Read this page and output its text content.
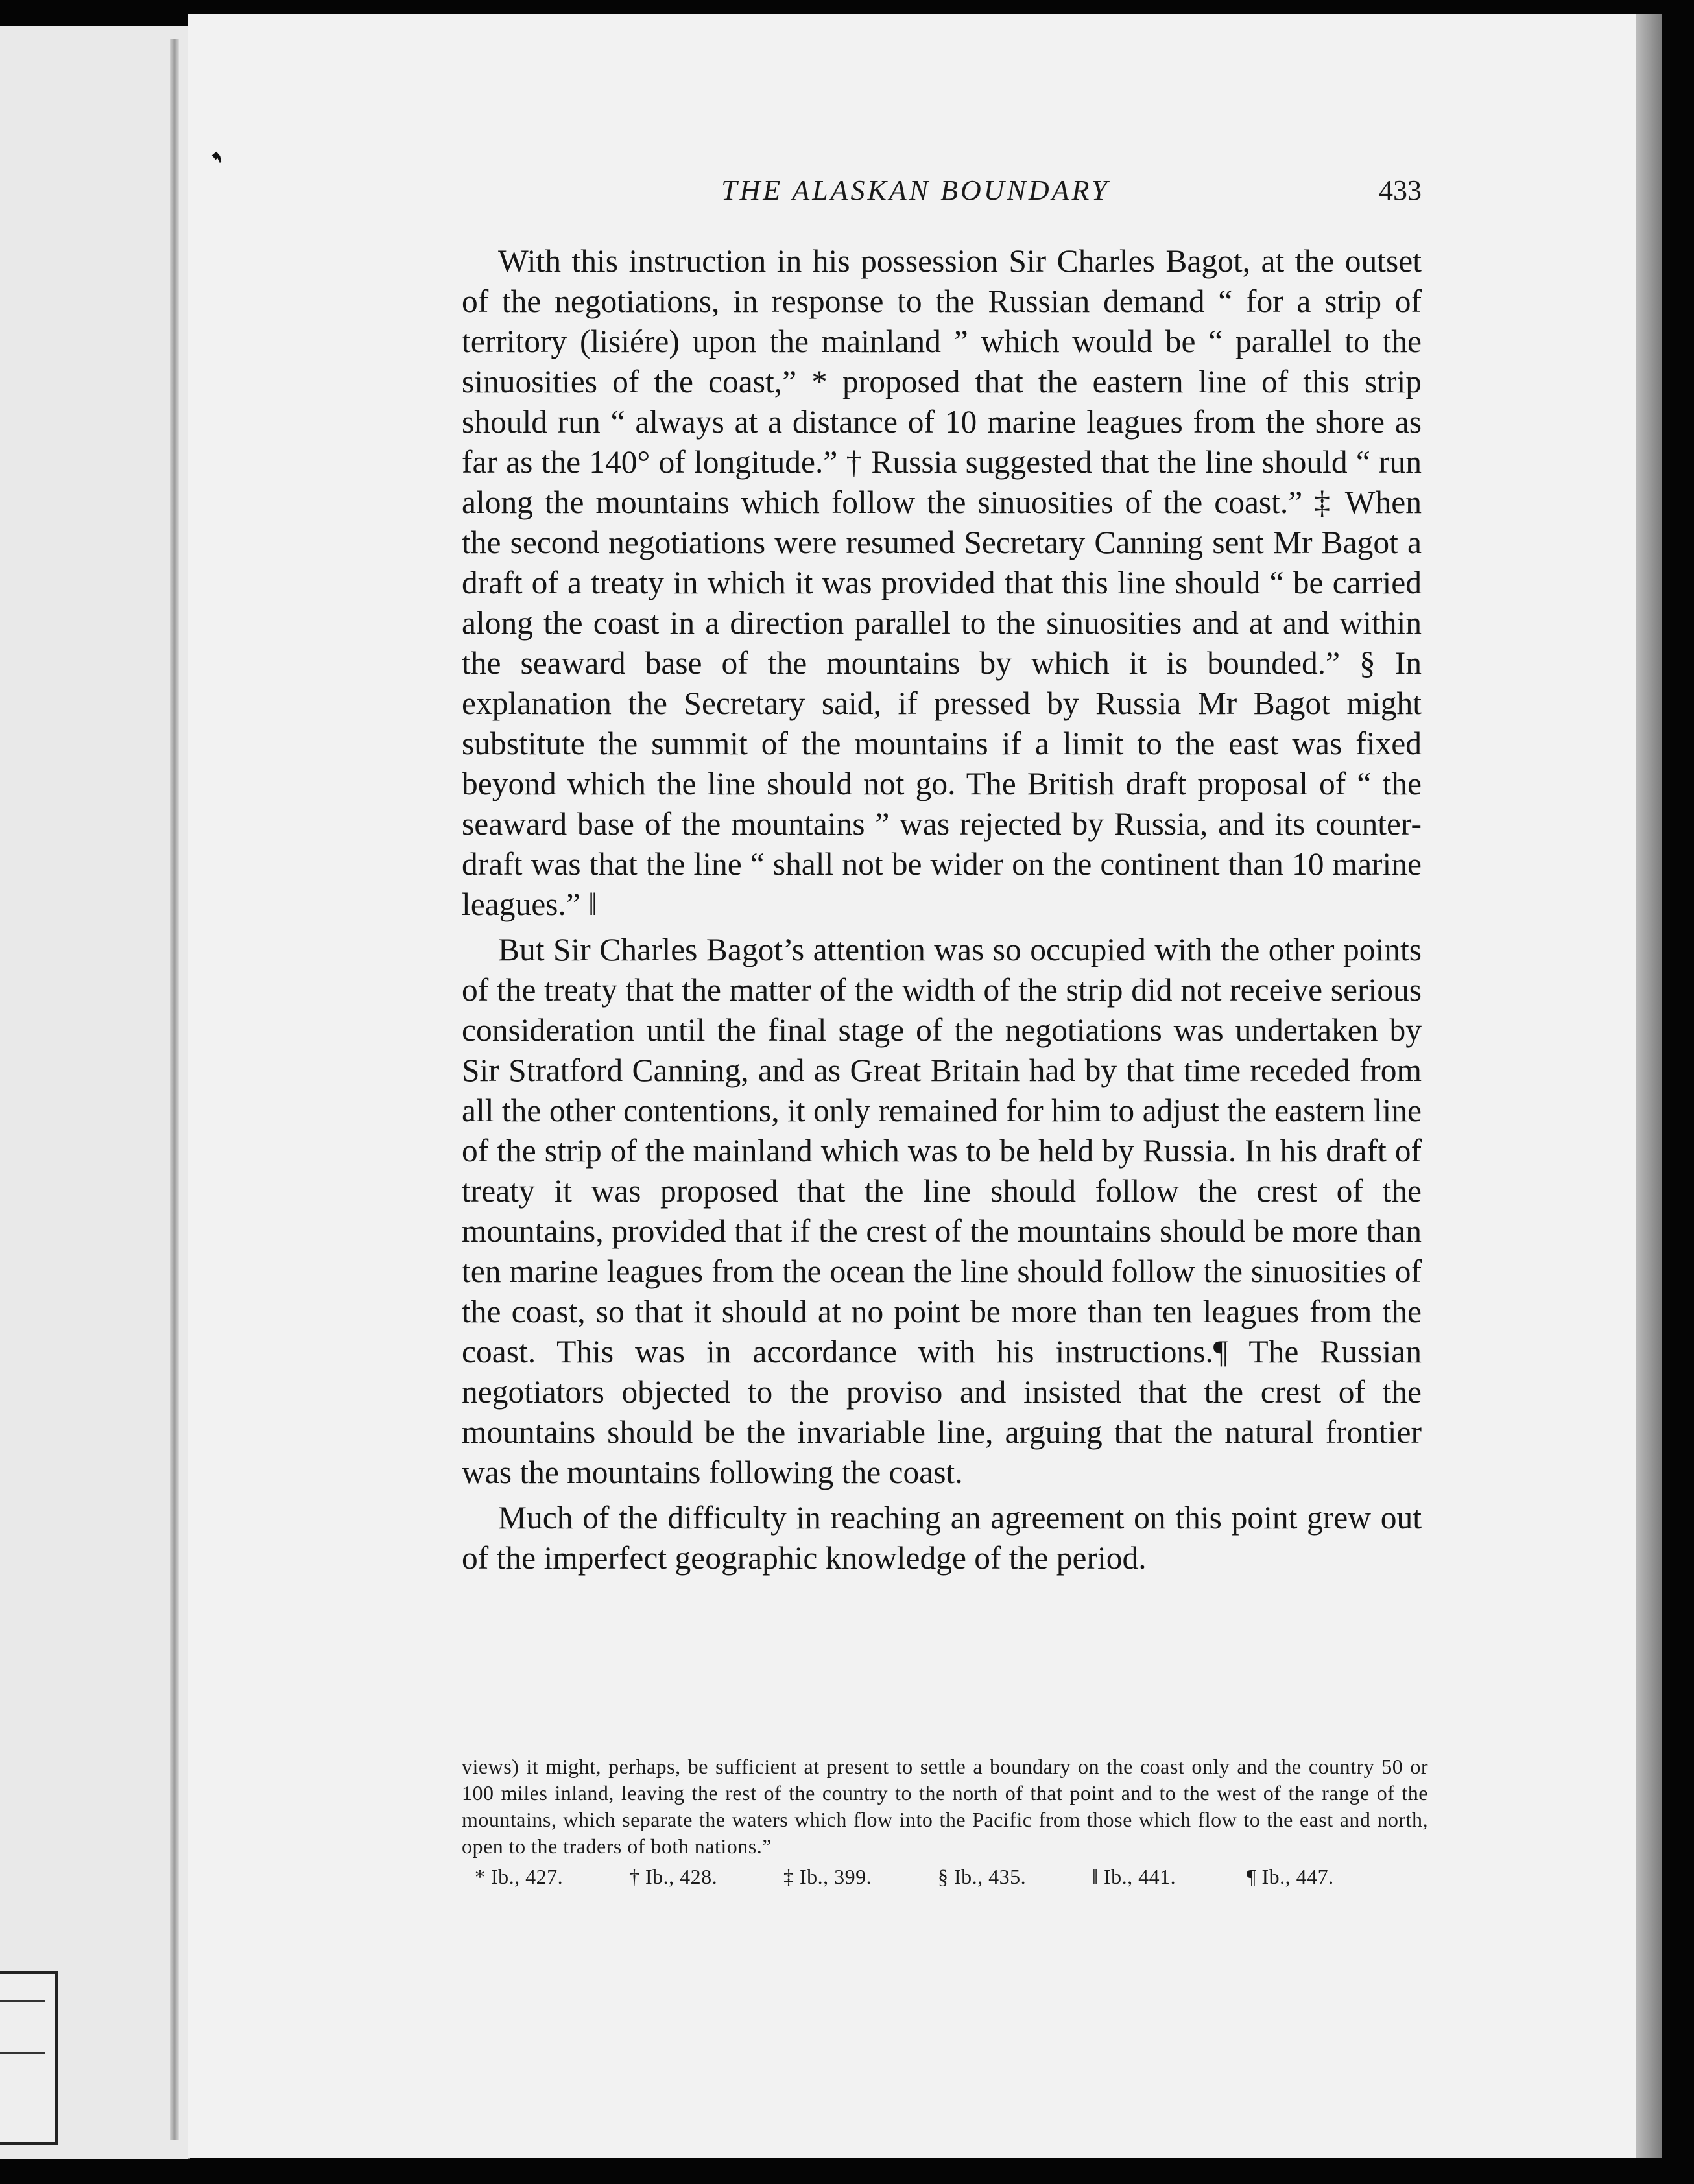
❜
THE ALASKAN BOUNDARY	433

With this instruction in his possession Sir Charles Bagot, at the outset of the negotiations, in response to the Russian demand “ for a strip of territory (lisiére) upon the mainland ” which would be “ parallel to the sinuosities of the coast,” * proposed that the eastern line of this strip should run “ always at a distance of 10 marine leagues from the shore as far as the 140° of longitude.” † Russia suggested that the line should “ run along the mountains which follow the sinuosities of the coast.” ‡ When the second negotiations were resumed Secretary Canning sent Mr Bagot a draft of a treaty in which it was provided that this line should “ be carried along the coast in a direction parallel to the sinuosities and at and within the seaward base of the mountains by which it is bounded.” § In explanation the Secretary said, if pressed by Russia Mr Bagot might substitute the summit of the mountains if a limit to the east was fixed beyond which the line should not go. The British draft proposal of “ the seaward base of the mountains ” was rejected by Russia, and its counter-draft was that the line “ shall not be wider on the continent than 10 marine leagues.” ‖

But Sir Charles Bagot’s attention was so occupied with the other points of the treaty that the matter of the width of the strip did not receive serious consideration until the final stage of the negotiations was undertaken by Sir Stratford Canning, and as Great Britain had by that time receded from all the other contentions, it only remained for him to adjust the eastern line of the strip of the mainland which was to be held by Russia. In his draft of treaty it was proposed that the line should follow the crest of the mountains, provided that if the crest of the mountains should be more than ten marine leagues from the ocean the line should follow the sinuosities of the coast, so that it should at no point be more than ten leagues from the coast. This was in accordance with his instructions.¶ The Russian negotiators objected to the proviso and insisted that the crest of the mountains should be the invariable line, arguing that the natural frontier was the mountains following the coast.

Much of the difficulty in reaching an agreement on this point grew out of the imperfect geographic knowledge of the period.

views) it might, perhaps, be sufficient at present to settle a boundary on the coast only and the country 50 or 100 miles inland, leaving the rest of the country to the north of that point and to the west of the range of the mountains, which separate the waters which flow into the Pacific from those which flow to the east and north, open to the traders of both nations.”

* Ib., 427.	† Ib., 428.	‡ Ib., 399.	§ Ib., 435.	‖ Ib., 441.	¶ Ib., 447.
